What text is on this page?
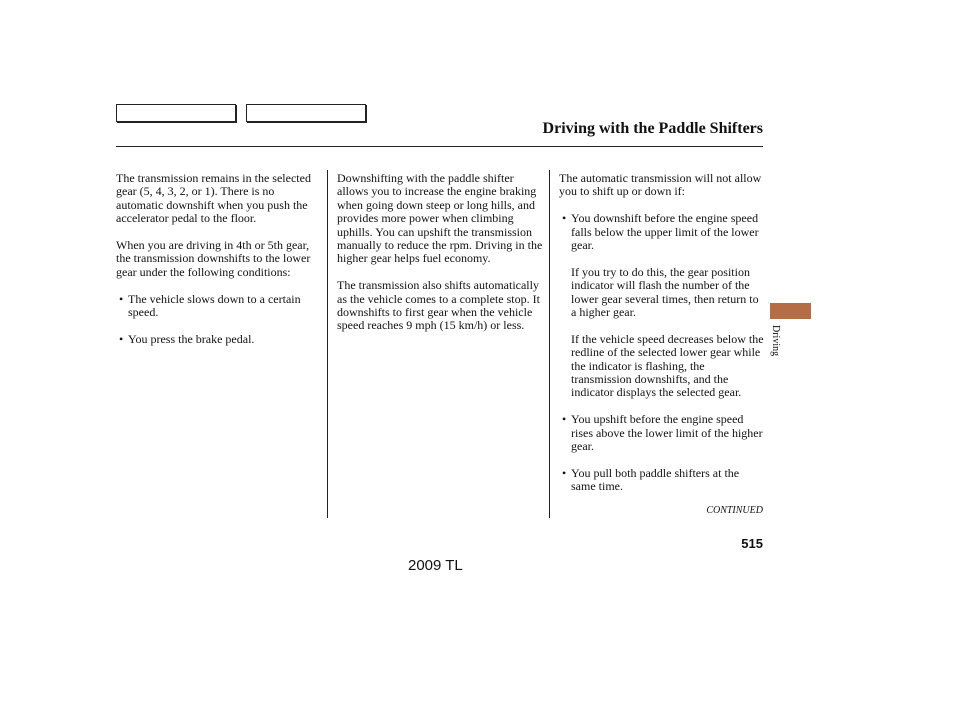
Driving with the Paddle Shifters

The transmission remains in the selected gear (5, 4, 3, 2, or 1). There is no automatic downshift when you push the accelerator pedal to the floor.

When you are driving in 4th or 5th gear, the transmission downshifts to the lower gear under the following conditions:

• The vehicle slows down to a certain speed.

• You press the brake pedal.

Downshifting with the paddle shifter allows you to increase the engine braking when going down steep or long hills, and provides more power when climbing uphills. You can upshift the transmission manually to reduce the rpm. Driving in the higher gear helps fuel economy.

The transmission also shifts automatically as the vehicle comes to a complete stop. It downshifts to first gear when the vehicle speed reaches 9 mph (15 km/h) or less.

The automatic transmission will not allow you to shift up or down if:

• You downshift before the engine speed falls below the upper limit of the lower gear.

If you try to do this, the gear position indicator will flash the number of the lower gear several times, then return to a higher gear.

If the vehicle speed decreases below the redline of the selected lower gear while the indicator is flashing, the transmission downshifts, and the indicator displays the selected gear.

• You upshift before the engine speed rises above the lower limit of the higher gear.

• You pull both paddle shifters at the same time.

CONTINUED
515
2009 TL
Driving
